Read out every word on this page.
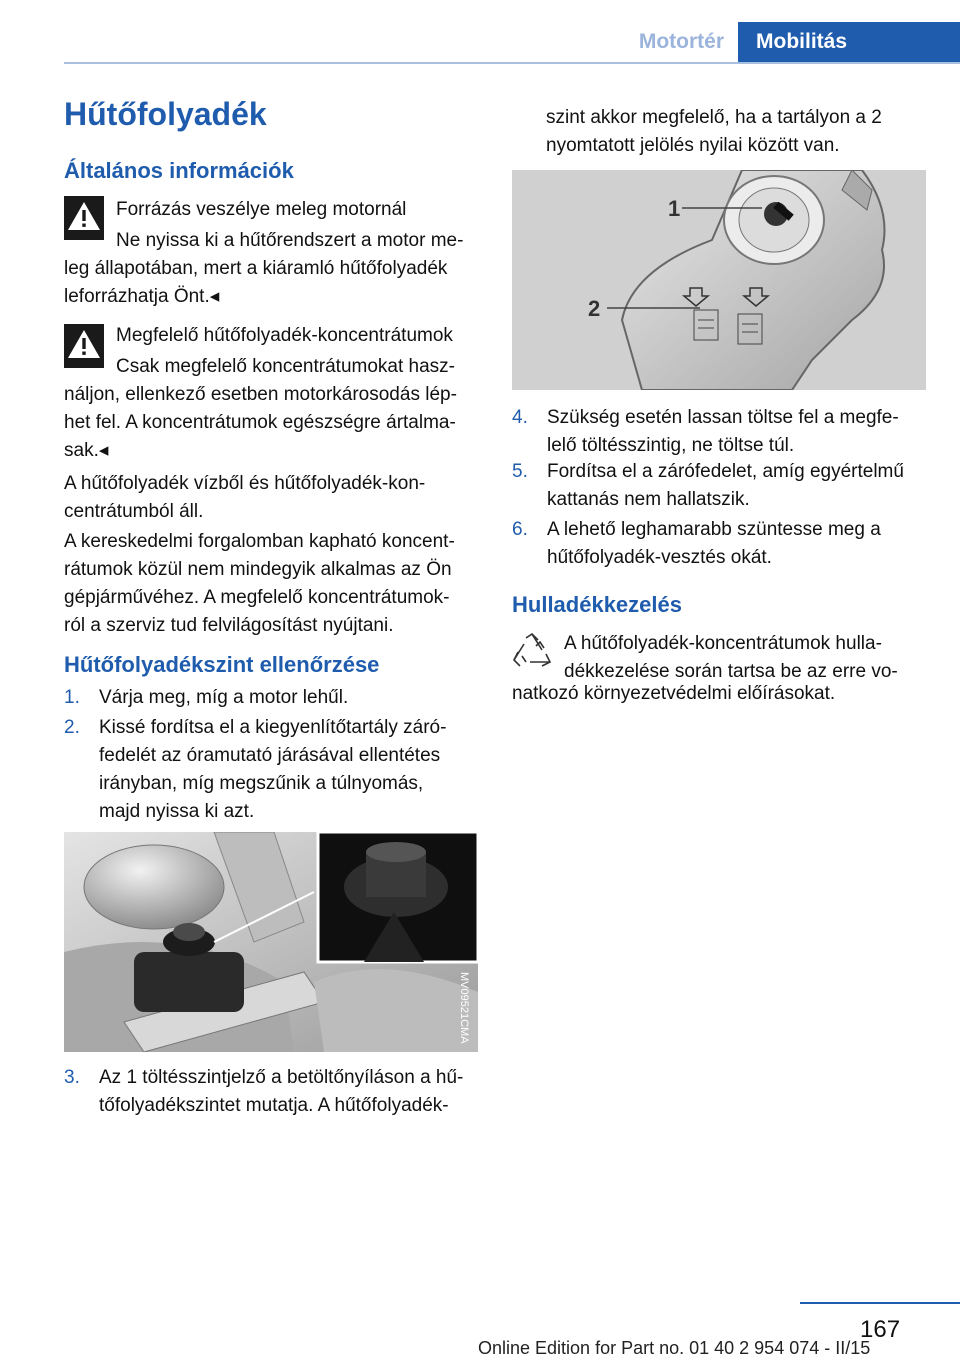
Motortér	Mobilitás
Hűtőfolyadék
Általános információk
Forrázás veszélye meleg motornál
Ne nyissa ki a hűtőrendszert a motor me-
leg állapotában, mert a kiáramló hűtőfolyadék
leforrázhatja Önt.◂
Megfelelő hűtőfolyadék-koncentrátumok
Csak megfelelő koncentrátumokat hasz-
náljon, ellenkező esetben motorkárosodás lép-
het fel. A koncentrátumok egészségre ártalma-
sak.◂
A hűtőfolyadék vízből és hűtőfolyadék-kon-
centrátumból áll.
A kereskedelmi forgalomban kapható koncent-
rátumok közül nem mindegyik alkalmas az Ön
gépjárművéhez. A megfelelő koncentrátumok-
ról a szerviz tud felvilágosítást nyújtani.
Hűtőfolyadékszint ellenőrzése
1. Várja meg, míg a motor lehűl.
2. Kissé fordítsa el a kiegyenlítőtartály záró-
fedelét az óramutató járásával ellentétes
irányban, míg megszűnik a túlnyomás,
majd nyissa ki azt.
MV09521CMA
3. Az 1 töltésszintjelző a betöltőnyíláson a hű-
tőfolyadékszintet mutatja. A hűtőfolyadék-
szint akkor megfelelő, ha a tartályon a 2
nyomtatott jelölés nyilai között van.
1
2
4. Szükség esetén lassan töltse fel a megfe-
lelő töltésszintig, ne töltse túl.
5. Fordítsa el a zárófedelet, amíg egyértelmű
kattanás nem hallatszik.
6. A lehető leghamarabb szüntesse meg a
hűtőfolyadék-vesztés okát.
Hulladékkezelés
A hűtőfolyadék-koncentrátumok hulla-
dékkezelése során tartsa be az erre vo-
natkozó környezetvédelmi előírásokat.
167
Online Edition for Part no. 01 40 2 954 074 - II/15
